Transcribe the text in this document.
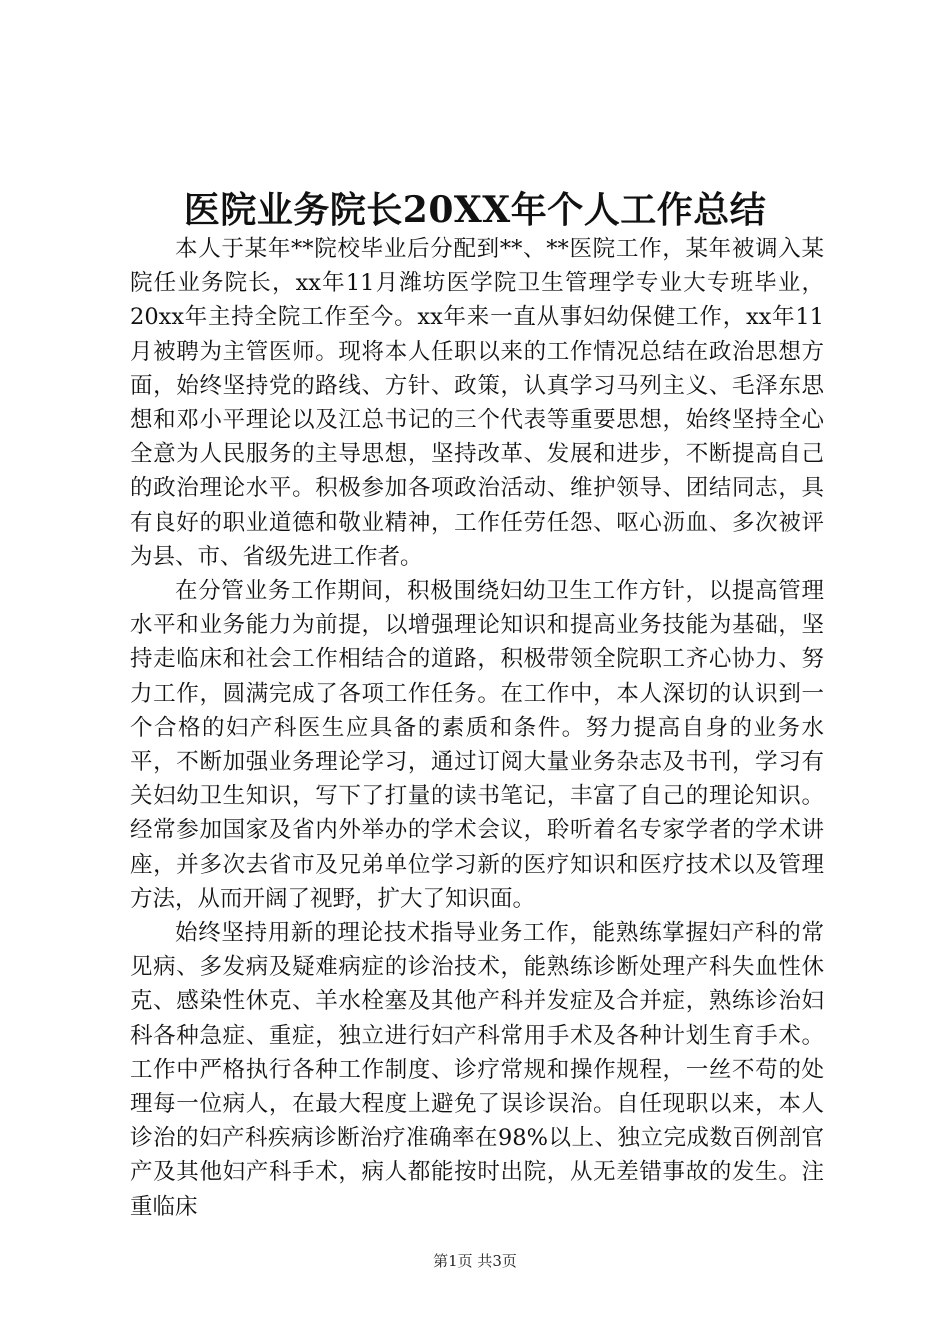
医院业务院长20XX年个人工作总结

本人于某年**院校毕业后分配到**、**医院工作，某年被调入某院任业务院长，xx年11月潍坊医学院卫生管理学专业大专班毕业，20xx年主持全院工作至今。xx年来一直从事妇幼保健工作，xx年11月被聘为主管医师。现将本人任职以来的工作情况总结在政治思想方面，始终坚持党的路线、方针、政策，认真学习马列主义、毛泽东思想和邓小平理论以及江总书记的三个代表等重要思想，始终坚持全心全意为人民服务的主导思想，坚持改革、发展和进步，不断提高自己的政治理论水平。积极参加各项政治活动、维护领导、团结同志，具有良好的职业道德和敬业精神，工作任劳任怨、呕心沥血、多次被评为县、市、省级先进工作者。

在分管业务工作期间，积极围绕妇幼卫生工作方针，以提高管理水平和业务能力为前提，以增强理论知识和提高业务技能为基础，坚持走临床和社会工作相结合的道路，积极带领全院职工齐心协力、努力工作，圆满完成了各项工作任务。在工作中，本人深切的认识到一个合格的妇产科医生应具备的素质和条件。努力提高自身的业务水平，不断加强业务理论学习，通过订阅大量业务杂志及书刊，学习有关妇幼卫生知识，写下了打量的读书笔记，丰富了自己的理论知识。经常参加国家及省内外举办的学术会议，聆听着名专家学者的学术讲座，并多次去省市及兄弟单位学习新的医疗知识和医疗技术以及管理方法，从而开阔了视野，扩大了知识面。

始终坚持用新的理论技术指导业务工作，能熟练掌握妇产科的常见病、多发病及疑难病症的诊治技术，能熟练诊断处理产科失血性休克、感染性休克、羊水栓塞及其他产科并发症及合并症，熟练诊治妇科各种急症、重症，独立进行妇产科常用手术及各种计划生育手术。工作中严格执行各种工作制度、诊疗常规和操作规程，一丝不苟的处理每一位病人，在最大程度上避免了误诊误治。自任现职以来，本人诊治的妇产科疾病诊断治疗准确率在98%以上、独立完成数百例剖官产及其他妇产科手术，病人都能按时出院，从无差错事故的发生。注重临床

第1页 共3页
